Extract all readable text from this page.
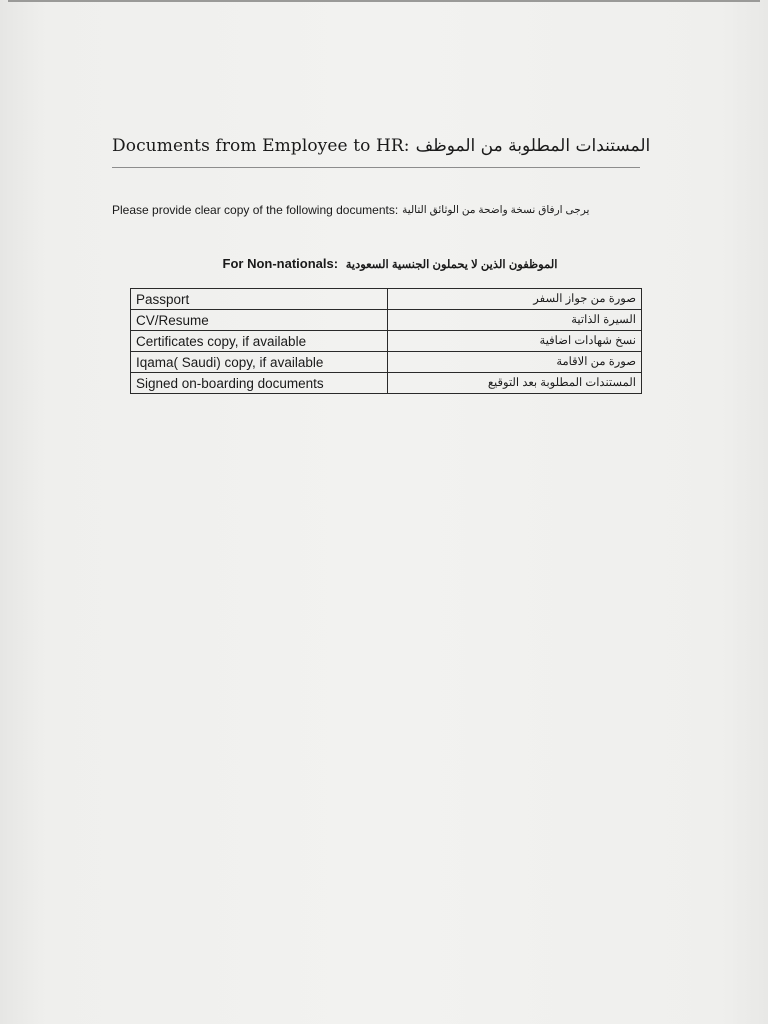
Documents from Employee to HR: المستندات المطلوبة من الموظف
Please provide clear copy of the following documents: يرجى ارفاق نسخة واضحة من الوثائق التالية
For Non-nationals: الموظفون الذين لا يحملون الجنسية السعودية
Passport	صورة من جواز السفر
CV/Resume	السيرة الذاتية
Certificates copy, if available	نسخ شهادات اضافية
Iqama( Saudi) copy, if available	صورة من الاقامة
Signed on-boarding documents	المستندات المطلوبة بعد التوقيع
